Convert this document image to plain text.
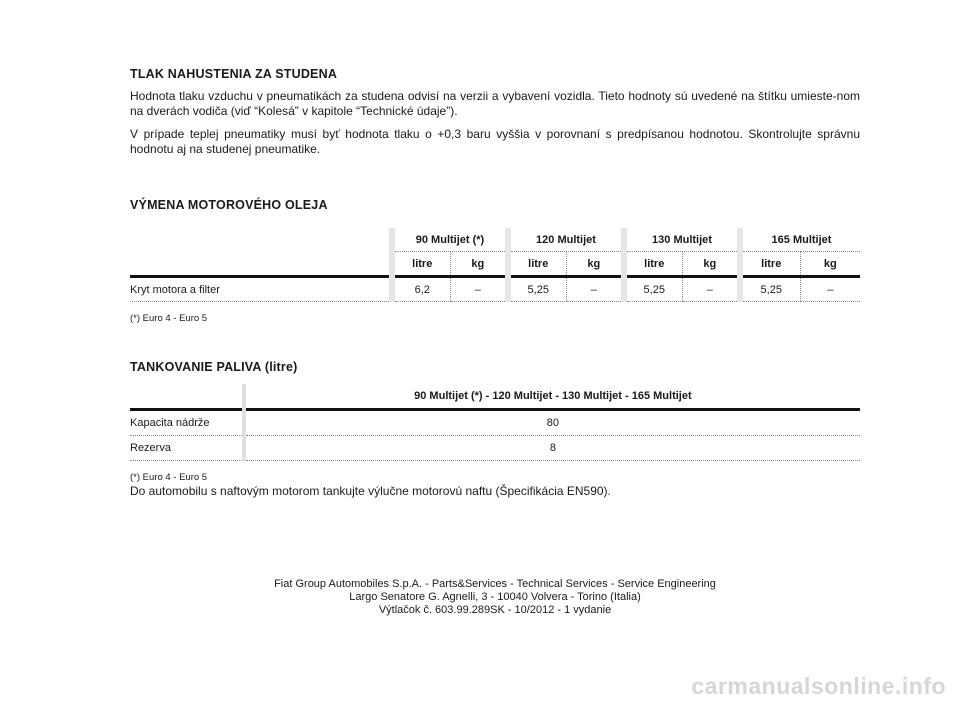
TLAK NAHUSTENIA ZA STUDENA

Hodnota tlaku vzduchu v pneumatikách za studena odvisí na verzii a vybavení vozidla. Tieto hodnoty sú uvedené na štítku umieste-nom na dverách vodiča (viď “Kolesá” v kapitole “Technické údaje”).

V prípade teplej pneumatiky musí byť hodnota tlaku o +0,3 baru vyššia v porovnaní s predpísanou hodnotou. Skontrolujte správnu hodnotu aj na studenej pneumatike.

VÝMENA MOTOROVÉHO OLEJA
	90 Multijet (*)		120 Multijet		130 Multijet		165 Multijet	
	litre	kg	litre	kg	litre	kg	litre	kg
Kryt motora a filter	6,2	–	5,25	–	5,25	–	5,25	–

(*) Euro 4 - Euro 5

TANKOVANIE PALIVA (litre)
	90 Multijet (*) - 120 Multijet - 130 Multijet - 165 Multijet
Kapacita nádrže	80
Rezerva	8

(*) Euro 4 - Euro 5

Do automobilu s naftovým motorom tankujte výlučne motorovú naftu (Špecifikácia EN590).

Fiat Group Automobiles S.p.A. - Parts&Services - Technical Services - Service Engineering
Largo Senatore G. Agnelli, 3 - 10040 Volvera - Torino (Italia)
Výtlačok č. 603.99.289SK - 10/2012 - 1 vydanie
carmanualsonline.info
